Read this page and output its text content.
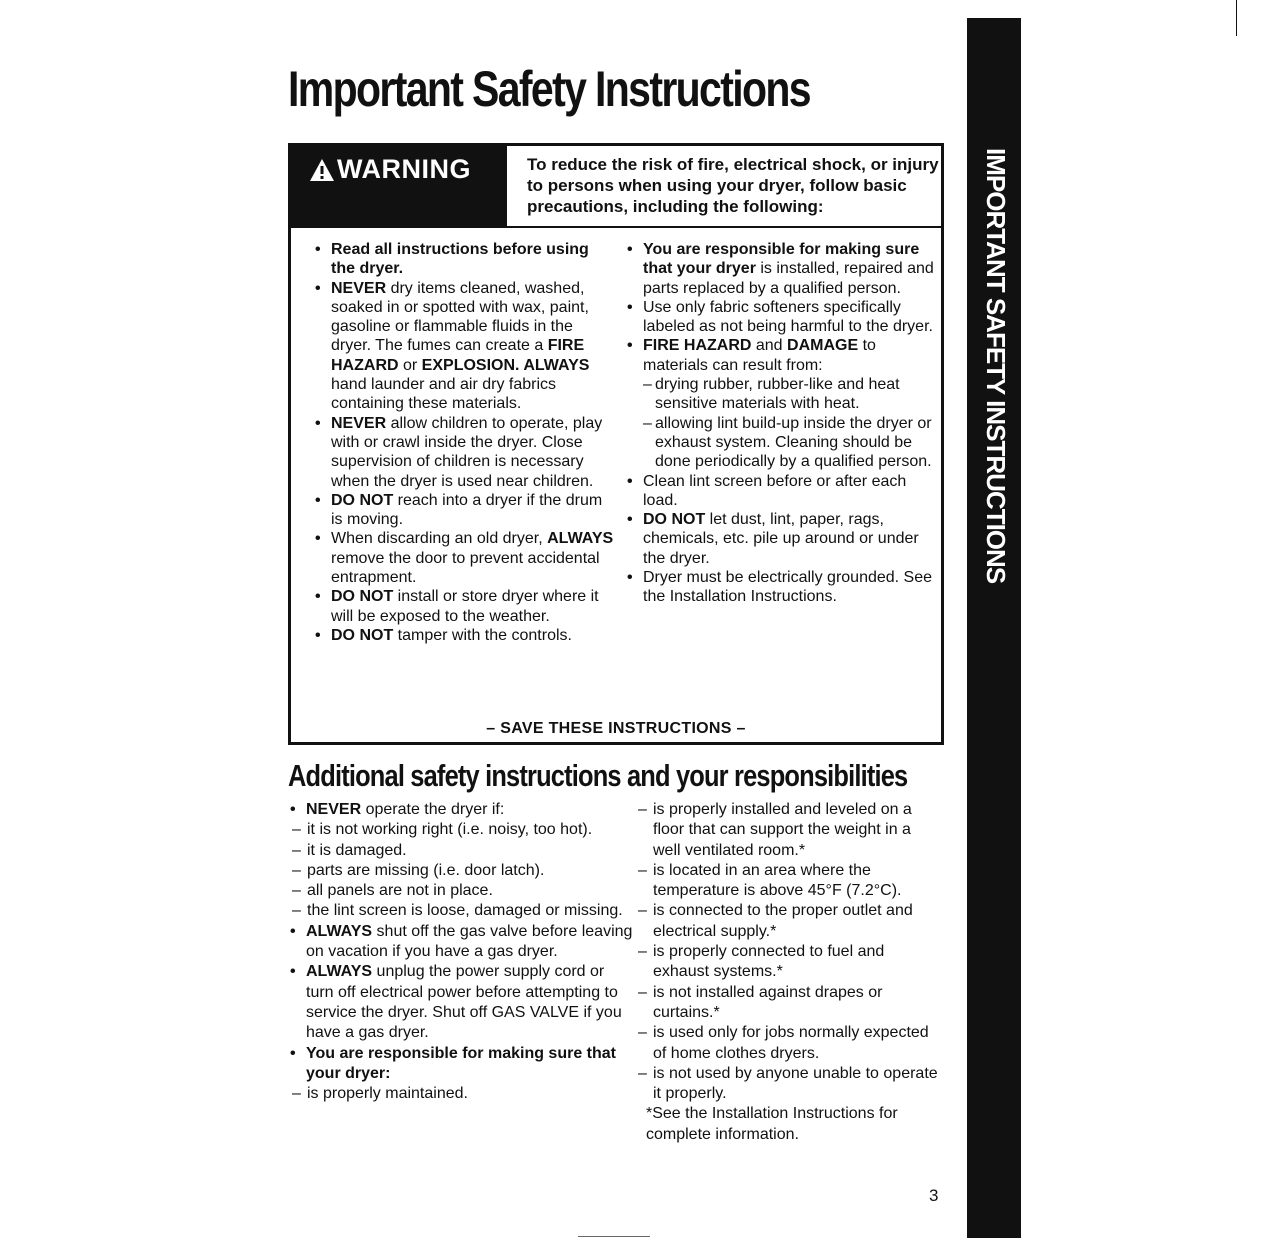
Important Safety Instructions
WARNING	To reduce the risk of fire, electrical shock, or injury to persons when using your dryer, follow basic precautions, including the following:
• Read all instructions before using the dryer.
• NEVER dry items cleaned, washed, soaked in or spotted with wax, paint, gasoline or flammable fluids in the dryer. The fumes can create a FIRE HAZARD or EXPLOSION. ALWAYS hand launder and air dry fabrics containing these materials.
• NEVER allow children to operate, play with or crawl inside the dryer. Close supervision of children is necessary when the dryer is used near children.
• DO NOT reach into a dryer if the drum is moving.
• When discarding an old dryer, ALWAYS remove the door to prevent accidental entrapment.
• DO NOT install or store dryer where it will be exposed to the weather.
• DO NOT tamper with the controls.
• You are responsible for making sure that your dryer is installed, repaired and parts replaced by a qualified person.
• Use only fabric softeners specifically labeled as not being harmful to the dryer.
• FIRE HAZARD and DAMAGE to materials can result from:
– drying rubber, rubber-like and heat sensitive materials with heat.
– allowing lint build-up inside the dryer or exhaust system. Cleaning should be done periodically by a qualified person.
• Clean lint screen before or after each load.
• DO NOT let dust, lint, paper, rags, chemicals, etc. pile up around or under the dryer.
• Dryer must be electrically grounded. See the Installation Instructions.
– SAVE THESE INSTRUCTIONS –
Additional safety instructions and your responsibilities
• NEVER operate the dryer if:
– it is not working right (i.e. noisy, too hot).
– it is damaged.
– parts are missing (i.e. door latch).
– all panels are not in place.
– the lint screen is loose, damaged or missing.
• ALWAYS shut off the gas valve before leaving on vacation if you have a gas dryer.
• ALWAYS unplug the power supply cord or turn off electrical power before attempting to service the dryer. Shut off GAS VALVE if you have a gas dryer.
• You are responsible for making sure that your dryer:
– is properly maintained.
– is properly installed and leveled on a floor that can support the weight in a well ventilated room.*
– is located in an area where the temperature is above 45°F (7.2°C).
– is connected to the proper outlet and electrical supply.*
– is properly connected to fuel and exhaust systems.*
– is not installed against drapes or curtains.*
– is used only for jobs normally expected of home clothes dryers.
– is not used by anyone unable to operate it properly.
*See the Installation Instructions for complete information.
IMPORTANT SAFETY INSTRUCTIONS
3
